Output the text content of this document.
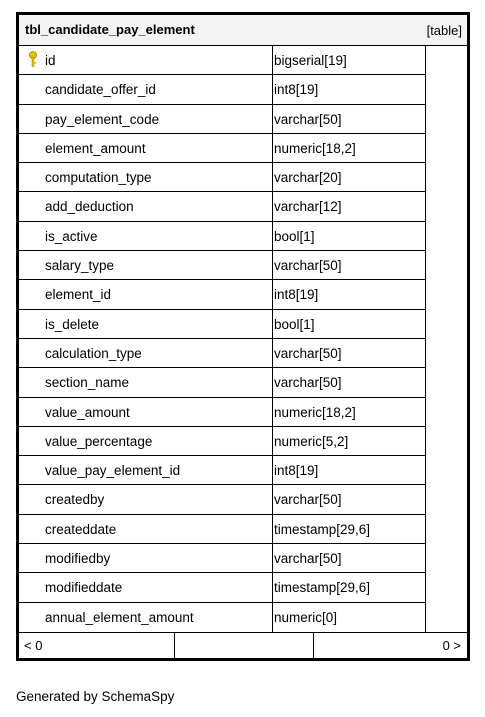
tbl_candidate_pay_element	[table]
id	bigserial[19]
candidate_offer_id	int8[19]
pay_element_code	varchar[50]
element_amount	numeric[18,2]
computation_type	varchar[20]
add_deduction	varchar[12]
is_active	bool[1]
salary_type	varchar[50]
element_id	int8[19]
is_delete	bool[1]
calculation_type	varchar[50]
section_name	varchar[50]
value_amount	numeric[18,2]
value_percentage	numeric[5,2]
value_pay_element_id	int8[19]
createdby	varchar[50]
createddate	timestamp[29,6]
modifiedby	varchar[50]
modifieddate	timestamp[29,6]
annual_element_amount	numeric[0]
< 0	0 >
Generated by SchemaSpy
